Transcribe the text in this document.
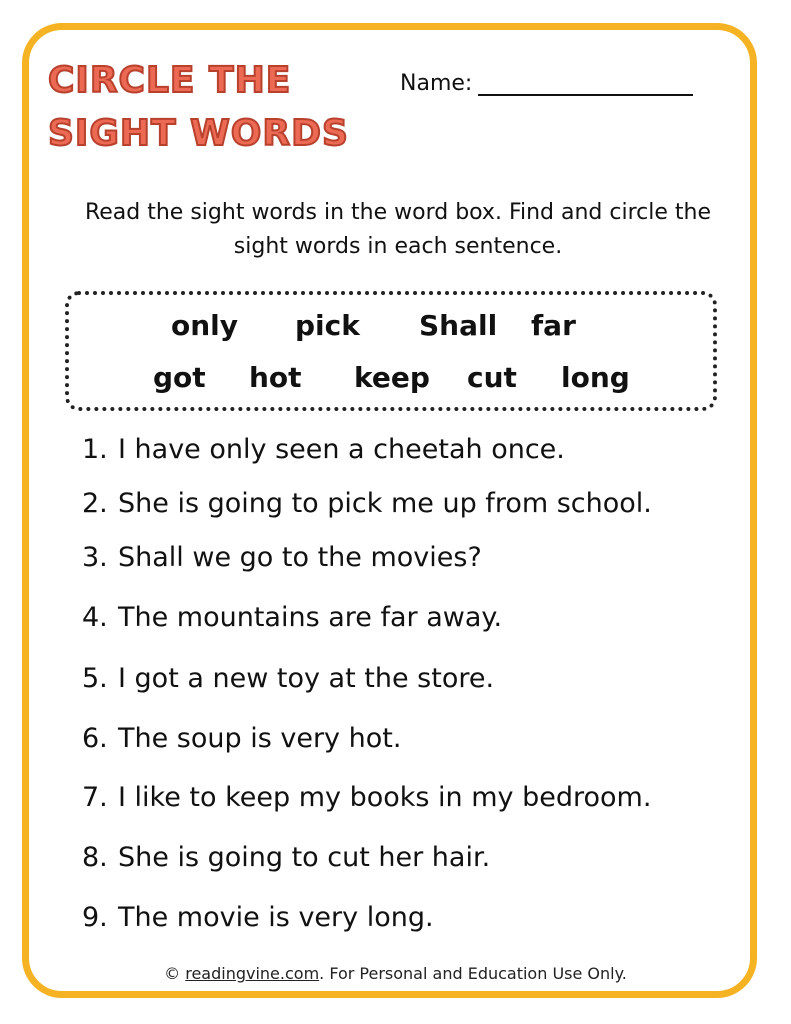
CIRCLE THE
SIGHT WORDS
Name:

Read the sight words in the word box. Find and circle the sight words in each sentence.

only pick Shall far
got hot keep cut long
1. I have only seen a cheetah once.
2. She is going to pick me up from school.
3. Shall we go to the movies?
4. The mountains are far away.
5. I got a new toy at the store.
6. The soup is very hot.
7. I like to keep my books in my bedroom.
8. She is going to cut her hair.
9. The movie is very long.
© readingvine.com. For Personal and Education Use Only.
